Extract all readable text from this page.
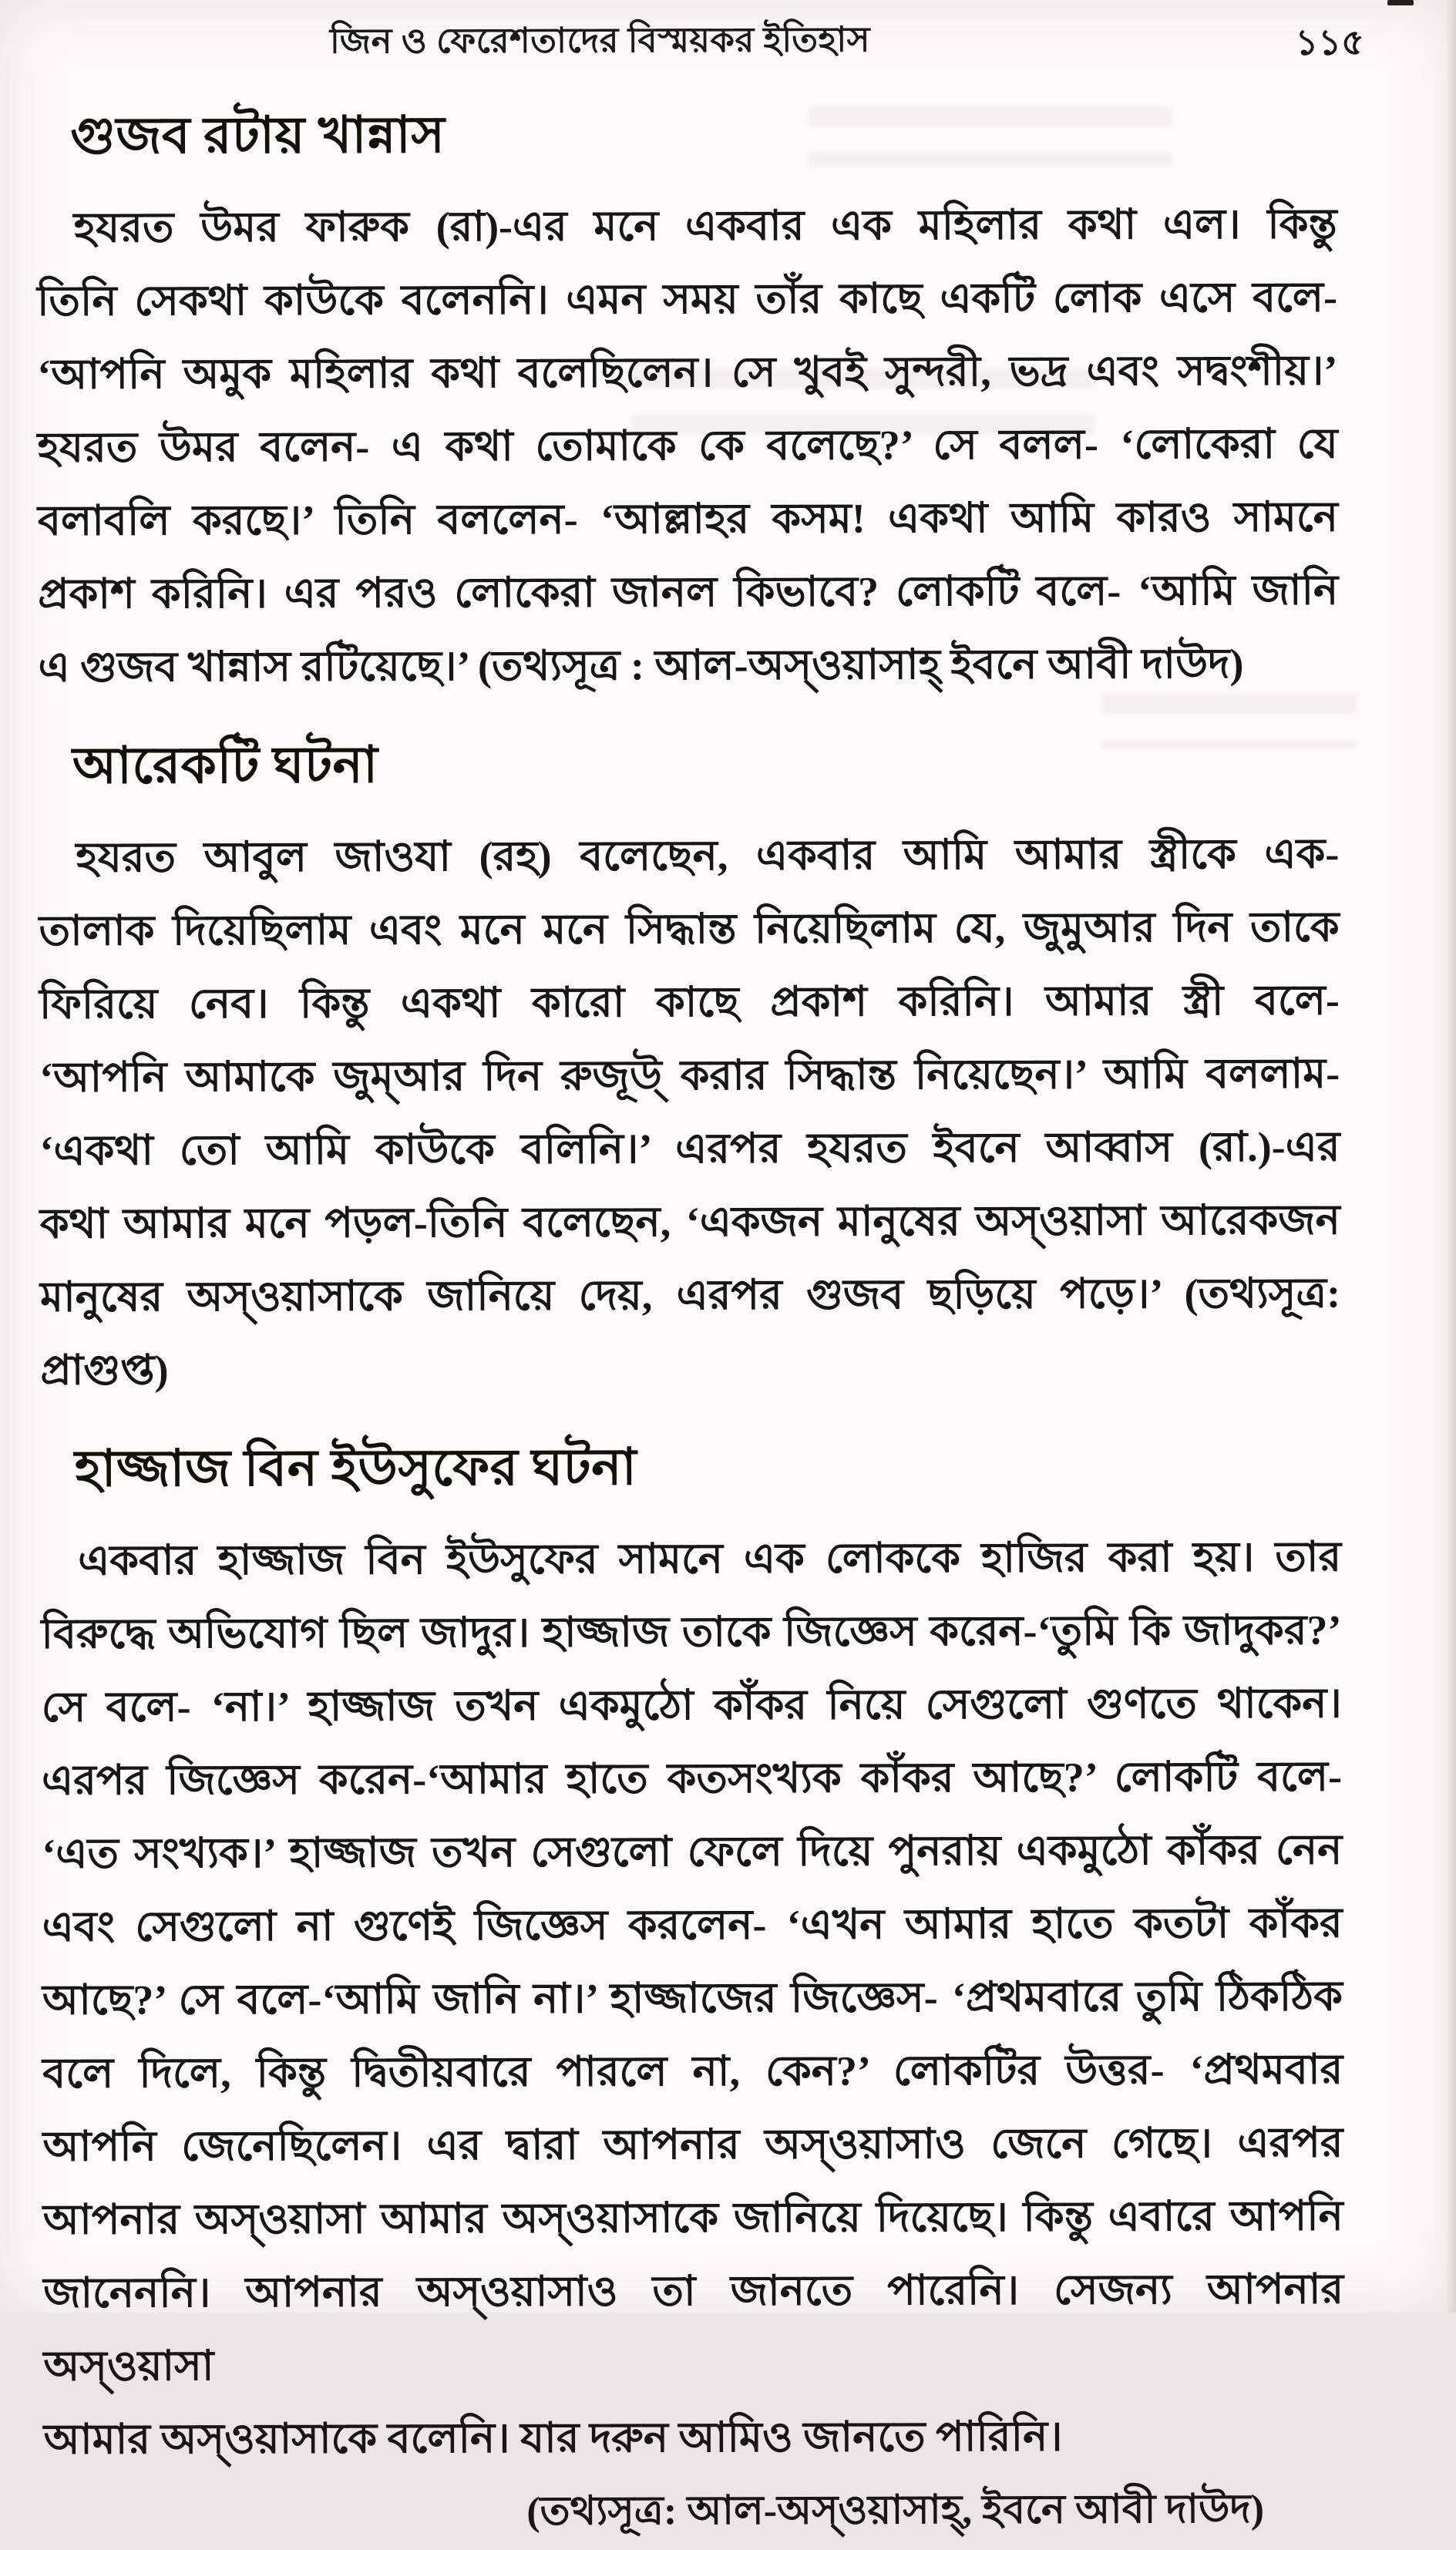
জিন ও ফেরেশতাদের বিস্ময়কর ইতিহাস	১১৫
গুজব রটায় খান্নাস
হযরত উমর ফারুক (রা)-এর মনে একবার এক মহিলার কথা এল। কিন্তু
তিনি সেকথা কাউকে বলেননি। এমন সময় তাঁর কাছে একটি লোক এসে বলে-
‘আপনি অমুক মহিলার কথা বলেছিলেন। সে খুবই সুন্দরী, ভদ্র এবং সদ্বংশীয়।’
হযরত উমর বলেন- এ কথা তোমাকে কে বলেছে?’ সে বলল- ‘লোকেরা যে
বলাবলি করছে।’ তিনি বললেন- ‘আল্লাহর কসম! একথা আমি কারও সামনে
প্রকাশ করিনি। এর পরও লোকেরা জানল কিভাবে? লোকটি বলে- ‘আমি জানি
এ গুজব খান্নাস রটিয়েছে।’ (তথ্যসূত্র : আল-অস্ওয়াসাহ্ ইবনে আবী দাউদ)
আরেকটি ঘটনা
হযরত আবুল জাওযা (রহ) বলেছেন, একবার আমি আমার স্ত্রীকে এক-
তালাক দিয়েছিলাম এবং মনে মনে সিদ্ধান্ত নিয়েছিলাম যে, জুমুআর দিন তাকে
ফিরিয়ে নেব। কিন্তু একথা কারো কাছে প্রকাশ করিনি। আমার স্ত্রী বলে-
‘আপনি আমাকে জুম্আর দিন রুজূউ্ করার সিদ্ধান্ত নিয়েছেন।’ আমি বললাম-
‘একথা তো আমি কাউকে বলিনি।’ এরপর হযরত ইবনে আব্বাস (রা.)-এর
কথা আমার মনে পড়ল-তিনি বলেছেন, ‘একজন মানুষের অস্ওয়াসা আরেকজন
মানুষের অস্ওয়াসাকে জানিয়ে দেয়, এরপর গুজব ছড়িয়ে পড়ে।’ (তথ্যসূত্র: প্রাগুপ্ত)
হাজ্জাজ বিন ইউসুফের ঘটনা
একবার হাজ্জাজ বিন ইউসুফের সামনে এক লোককে হাজির করা হয়। তার
বিরুদ্ধে অভিযোগ ছিল জাদুর। হাজ্জাজ তাকে জিজ্ঞেস করেন-‘তুমি কি জাদুকর?’
সে বলে- ‘না।’ হাজ্জাজ তখন একমুঠো কাঁকর নিয়ে সেগুলো গুণতে থাকেন।
এরপর জিজ্ঞেস করেন-‘আমার হাতে কতসংখ্যক কাঁকর আছে?’ লোকটি বলে-
‘এত সংখ্যক।’ হাজ্জাজ তখন সেগুলো ফেলে দিয়ে পুনরায় একমুঠো কাঁকর নেন
এবং সেগুলো না গুণেই জিজ্ঞেস করলেন- ‘এখন আমার হাতে কতটা কাঁকর
আছে?’ সে বলে-‘আমি জানি না।’ হাজ্জাজের জিজ্ঞেস- ‘প্রথমবারে তুমি ঠিকঠিক
বলে দিলে, কিন্তু দ্বিতীয়বারে পারলে না, কেন?’ লোকটির উত্তর- ‘প্রথমবার
আপনি জেনেছিলেন। এর দ্বারা আপনার অস্ওয়াসাও জেনে গেছে। এরপর
আপনার অস্ওয়াসা আমার অস্ওয়াসাকে জানিয়ে দিয়েছে। কিন্তু এবারে আপনি
জানেননি। আপনার অস্ওয়াসাও তা জানতে পারেনি। সেজন্য আপনার অস্ওয়াসা
আমার অস্ওয়াসাকে বলেনি। যার দরুন আমিও জানতে পারিনি।
(তথ্যসূত্র: আল-অস্ওয়াসাহ্, ইবনে আবী দাউদ)
